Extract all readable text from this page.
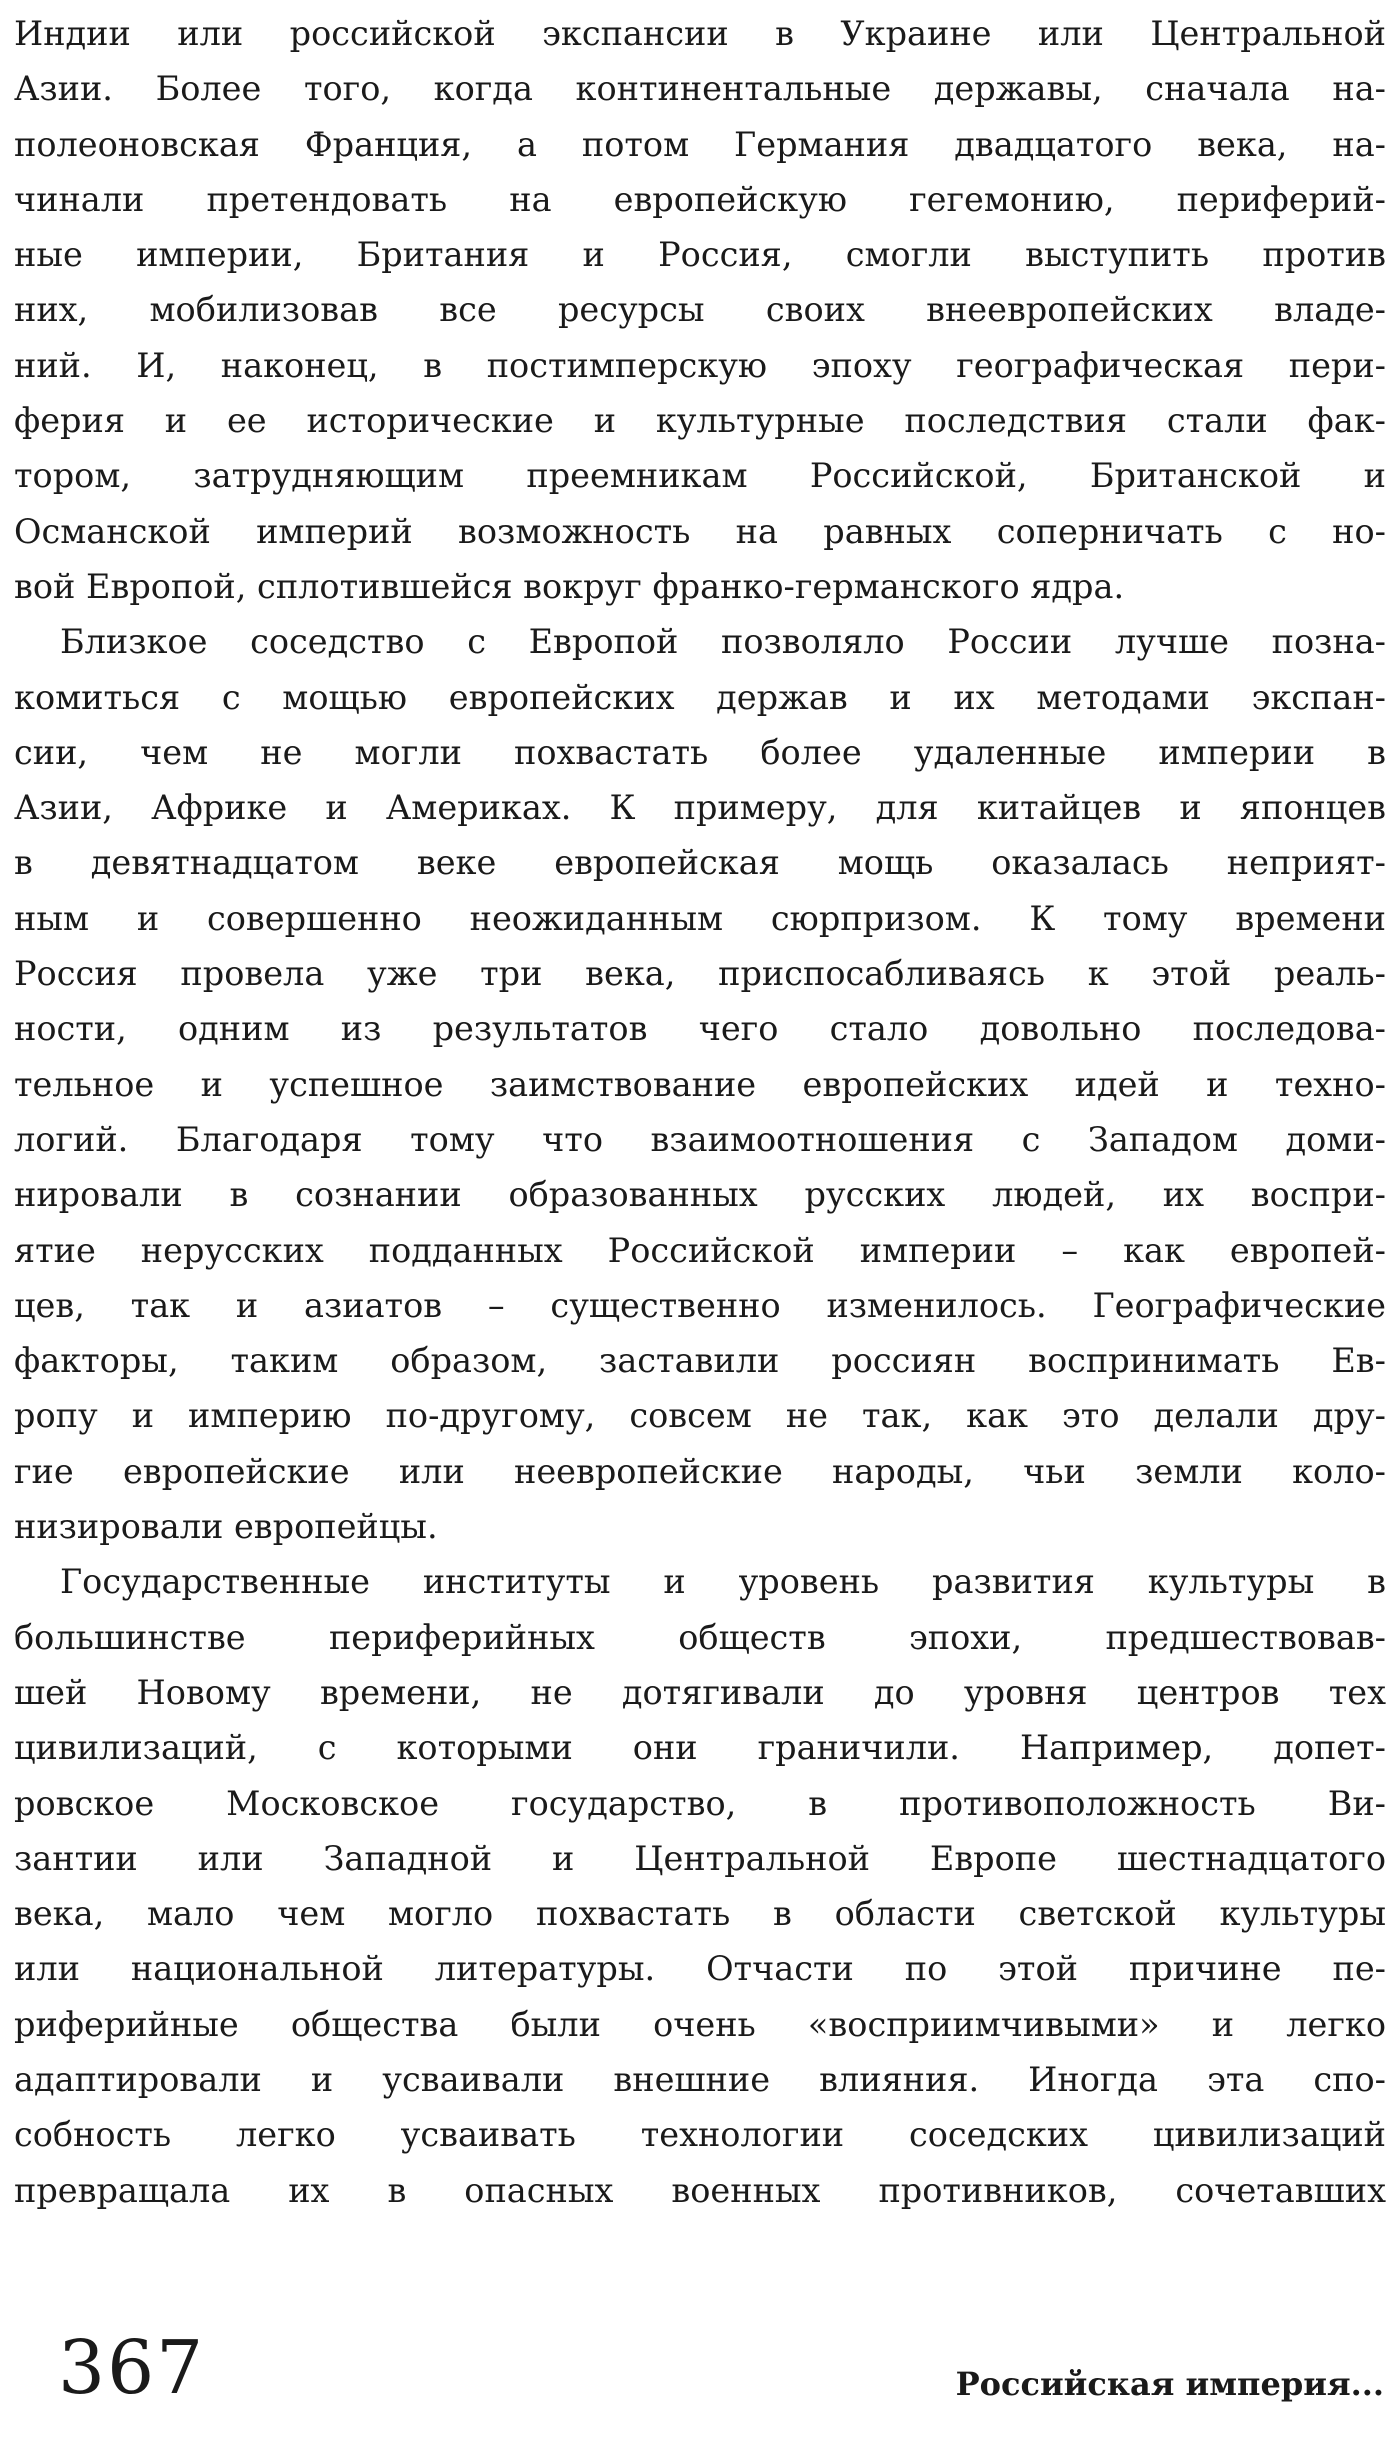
Индии или российской экспансии в Украине или Центральной
Азии. Более того, когда континентальные державы, сначала на-
полеоновская Франция, а потом Германия двадцатого века, на-
чинали претендовать на европейскую гегемонию, периферий-
ные империи, Британия и Россия, смогли выступить против
них, мобилизовав все ресурсы своих внеевропейских владе-
ний. И, наконец, в постимперскую эпоху географическая пери-
ферия и ее исторические и культурные последствия стали фак-
тором, затрудняющим преемникам Российской, Британской и
Османской империй возможность на равных соперничать с но-
вой Европой, сплотившейся вокруг франко-германского ядра.
Близкое соседство с Европой позволяло России лучше позна-
комиться с мощью европейских держав и их методами экспан-
сии, чем не могли похвастать более удаленные империи в
Азии, Африке и Америках. К примеру, для китайцев и японцев
в девятнадцатом веке европейская мощь оказалась неприят-
ным и совершенно неожиданным сюрпризом. К тому времени
Россия провела уже три века, приспосабливаясь к этой реаль-
ности, одним из результатов чего стало довольно последова-
тельное и успешное заимствование европейских идей и техно-
логий. Благодаря тому что взаимоотношения с Западом доми-
нировали в сознании образованных русских людей, их воспри-
ятие нерусских подданных Российской империи – как европей-
цев, так и азиатов – существенно изменилось. Географические
факторы, таким образом, заставили россиян воспринимать Ев-
ропу и империю по-другому, совсем не так, как это делали дру-
гие европейские или неевропейские народы, чьи земли коло-
низировали европейцы.
Государственные институты и уровень развития культуры в
большинстве периферийных обществ эпохи, предшествовав-
шей Новому времени, не дотягивали до уровня центров тех
цивилизаций, с которыми они граничили. Например, допет-
ровское Московское государство, в противоположность Ви-
зантии или Западной и Центральной Европе шестнадцатого
века, мало чем могло похвастать в области светской культуры
или национальной литературы. Отчасти по этой причине пе-
риферийные общества были очень «восприимчивыми» и легко
адаптировали и усваивали внешние влияния. Иногда эта спо-
собность легко усваивать технологии соседских цивилизаций
превращала их в опасных военных противников, сочетавших
367	Российская империя...
